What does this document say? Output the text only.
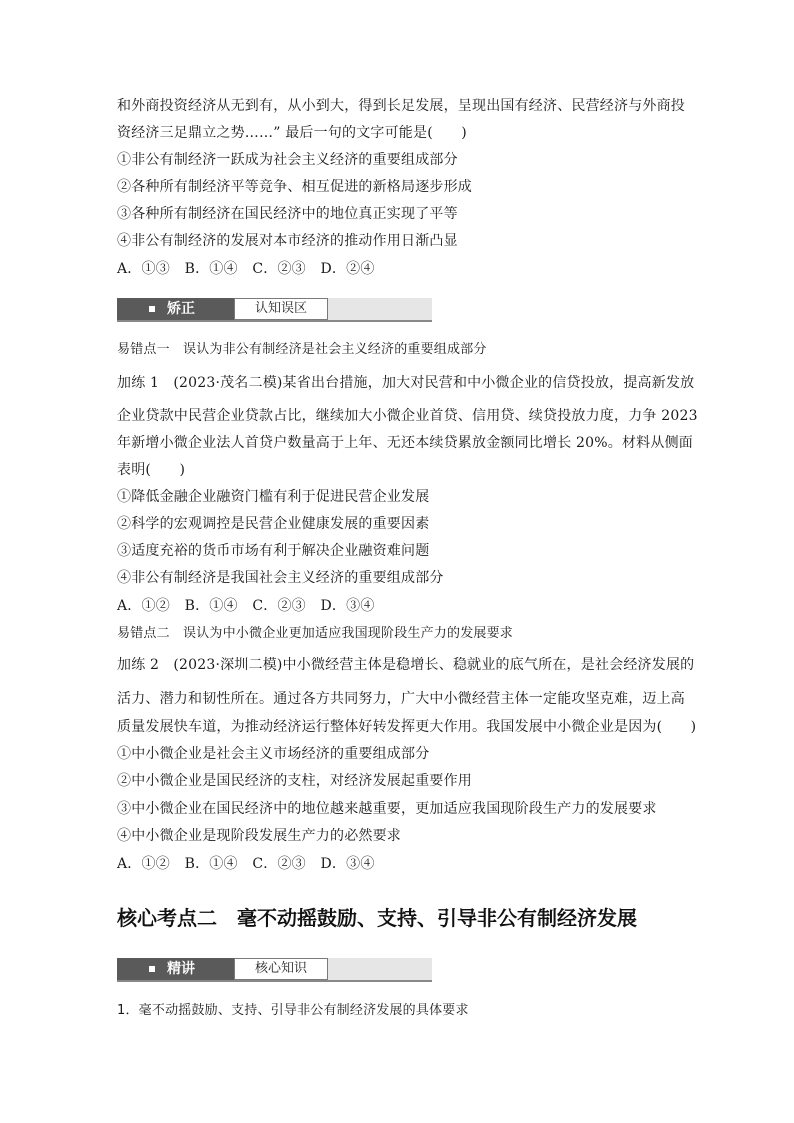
和外商投资经济从无到有，从小到大，得到长足发展，呈现出国有经济、民营经济与外商投
资经济三足鼎立之势……” 最后一句的文字可能是(　　)
①非公有制经济一跃成为社会主义经济的重要组成部分
②各种所有制经济平等竞争、相互促进的新格局逐步形成
③各种所有制经济在国民经济中的地位真正实现了平等
④非公有制经济的发展对本市经济的推动作用日渐凸显
A．①③ B．①④ C．②③ D．②④
矫正	认知误区
易错点一　误认为非公有制经济是社会主义经济的重要组成部分
加练 1　(2023·茂名二模)某省出台措施，加大对民营和中小微企业的信贷投放，提高新发放
企业贷款中民营企业贷款占比，继续加大小微企业首贷、信用贷、续贷投放力度，力争 2023
年新增小微企业法人首贷户数量高于上年、无还本续贷累放金额同比增长 20%。材料从侧面
表明(　　)
①降低金融企业融资门槛有利于促进民营企业发展
②科学的宏观调控是民营企业健康发展的重要因素
③适度充裕的货币市场有利于解决企业融资难问题
④非公有制经济是我国社会主义经济的重要组成部分
A．①② B．①④ C．②③ D．③④
易错点二　误认为中小微企业更加适应我国现阶段生产力的发展要求
加练 2　(2023·深圳二模)中小微经营主体是稳增长、稳就业的底气所在，是社会经济发展的
活力、潜力和韧性所在。通过各方共同努力，广大中小微经营主体一定能攻坚克难，迈上高
质量发展快车道，为推动经济运行整体好转发挥更大作用。我国发展中小微企业是因为(　　)
①中小微企业是社会主义市场经济的重要组成部分
②中小微企业是国民经济的支柱，对经济发展起重要作用
③中小微企业在国民经济中的地位越来越重要，更加适应我国现阶段生产力的发展要求
④中小微企业是现阶段发展生产力的必然要求
A．①② B．①④ C．②③ D．③④
核心考点二　毫不动摇鼓励、支持、引导非公有制经济发展
精讲	核心知识
1．毫不动摇鼓励、支持、引导非公有制经济发展的具体要求
